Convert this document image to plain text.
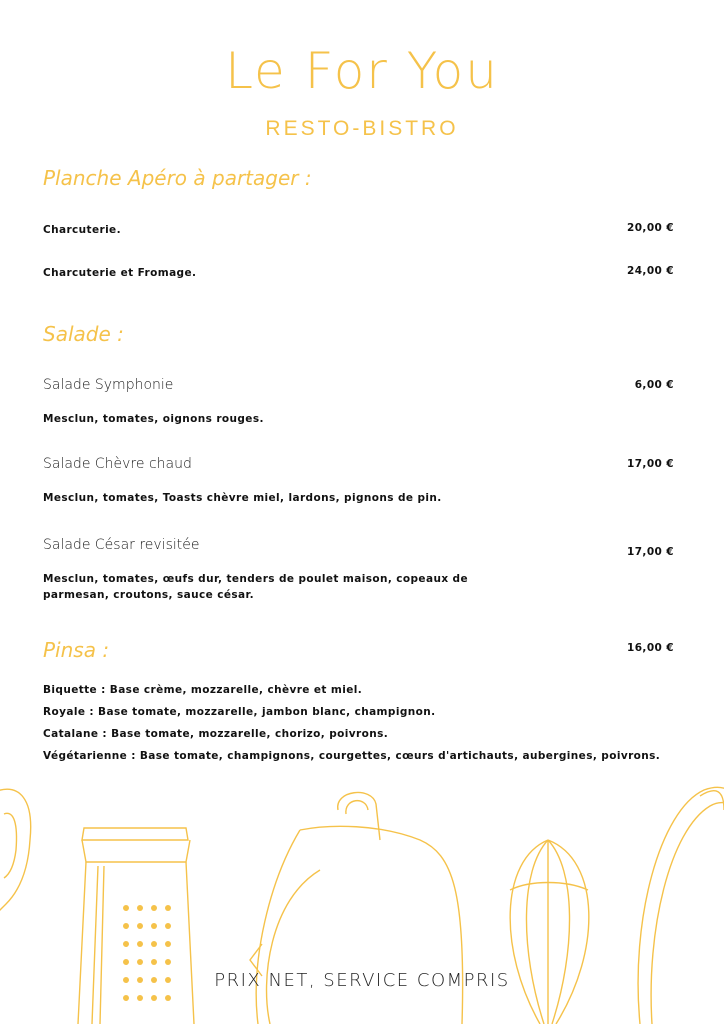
Le For You
RESTO-BISTRO
Planche Apéro à partager :
Charcuterie.	20,00 €
Charcuterie et Fromage.	24,00 €
Salade :
Salade Symphonie	6,00 €
Mesclun, tomates, oignons rouges.
Salade Chèvre chaud	17,00 €
Mesclun, tomates, Toasts chèvre miel, lardons, pignons de pin.
Salade César revisitée	17,00 €
Mesclun, tomates, œufs dur, tenders de poulet maison, copeaux de
parmesan, croutons, sauce césar.
Pinsa :	16,00 €
Biquette : Base crème, mozzarelle, chèvre et miel.
Royale : Base tomate, mozzarelle, jambon blanc, champignon.
Catalane : Base tomate, mozzarelle, chorizo, poivrons.
Végétarienne : Base tomate, champignons, courgettes, cœurs d'artichauts, aubergines, poivrons.
PRIX NET, SERVICE COMPRIS
